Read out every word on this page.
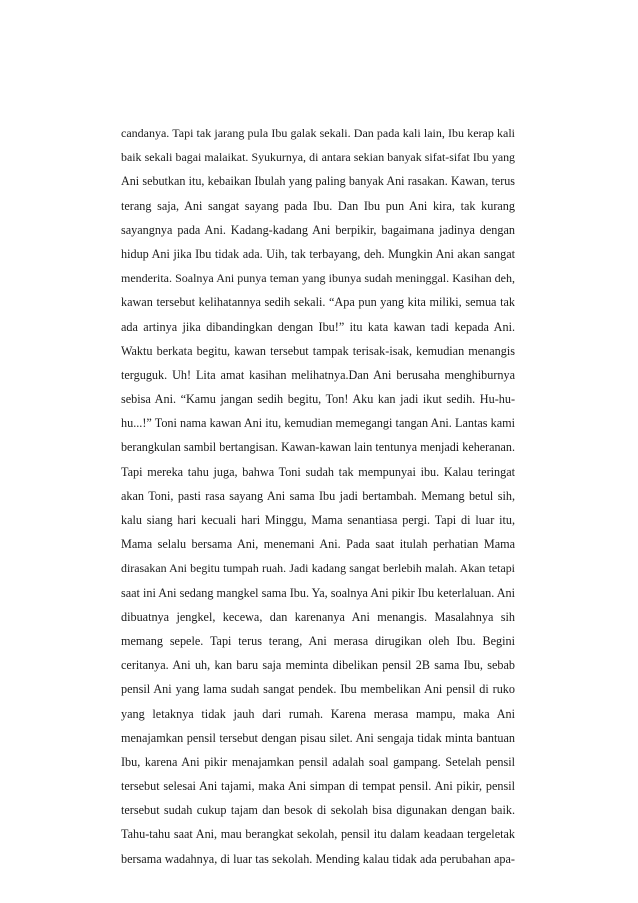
candanya. Tapi tak jarang pula Ibu galak sekali. Dan pada kali lain, Ibu kerap kali
baik sekali bagai malaikat. Syukurnya, di antara sekian banyak sifat-sifat Ibu yang
Ani sebutkan itu, kebaikan Ibulah yang paling banyak Ani rasakan. Kawan, terus
terang saja, Ani sangat sayang pada Ibu. Dan Ibu pun Ani kira, tak kurang
sayangnya pada Ani. Kadang-kadang Ani berpikir, bagaimana jadinya dengan
hidup Ani jika Ibu tidak ada. Uih, tak terbayang, deh. Mungkin Ani akan sangat
menderita. Soalnya Ani punya teman yang ibunya sudah meninggal. Kasihan deh,
kawan tersebut kelihatannya sedih sekali. “Apa pun yang kita miliki, semua tak
ada artinya jika dibandingkan dengan Ibu!” itu kata kawan tadi kepada Ani.
Waktu berkata begitu, kawan tersebut tampak terisak-isak, kemudian menangis
terguguk. Uh! Lita amat kasihan melihatnya.Dan Ani berusaha menghiburnya
sebisa Ani. “Kamu jangan sedih begitu, Ton! Aku kan jadi ikut sedih. Hu-hu-
hu...!” Toni nama kawan Ani itu, kemudian memegangi tangan Ani. Lantas kami
berangkulan sambil bertangisan. Kawan-kawan lain tentunya menjadi keheranan.
Tapi mereka tahu juga, bahwa Toni sudah tak mempunyai ibu. Kalau teringat
akan Toni, pasti rasa sayang Ani sama Ibu jadi bertambah. Memang betul sih,
kalu siang hari kecuali hari Minggu, Mama senantiasa pergi. Tapi di luar itu,
Mama selalu bersama Ani, menemani Ani. Pada saat itulah perhatian Mama
dirasakan Ani begitu tumpah ruah. Jadi kadang sangat berlebih malah. Akan tetapi
saat ini Ani sedang mangkel sama Ibu. Ya, soalnya Ani pikir Ibu keterlaluan. Ani
dibuatnya jengkel, kecewa, dan karenanya Ani menangis. Masalahnya sih
memang sepele. Tapi terus terang, Ani merasa dirugikan oleh Ibu. Begini
ceritanya. Ani uh, kan baru saja meminta dibelikan pensil 2B sama Ibu, sebab
pensil Ani yang lama sudah sangat pendek. Ibu membelikan Ani pensil di ruko
yang letaknya tidak jauh dari rumah. Karena merasa mampu, maka Ani
menajamkan pensil tersebut dengan pisau silet. Ani sengaja tidak minta bantuan
Ibu, karena Ani pikir menajamkan pensil adalah soal gampang. Setelah pensil
tersebut selesai Ani tajami, maka Ani simpan di tempat pensil. Ani pikir, pensil
tersebut sudah cukup tajam dan besok di sekolah bisa digunakan dengan baik.
Tahu-tahu saat Ani, mau berangkat sekolah, pensil itu dalam keadaan tergeletak
bersama wadahnya, di luar tas sekolah. Mending kalau tidak ada perubahan apa-
